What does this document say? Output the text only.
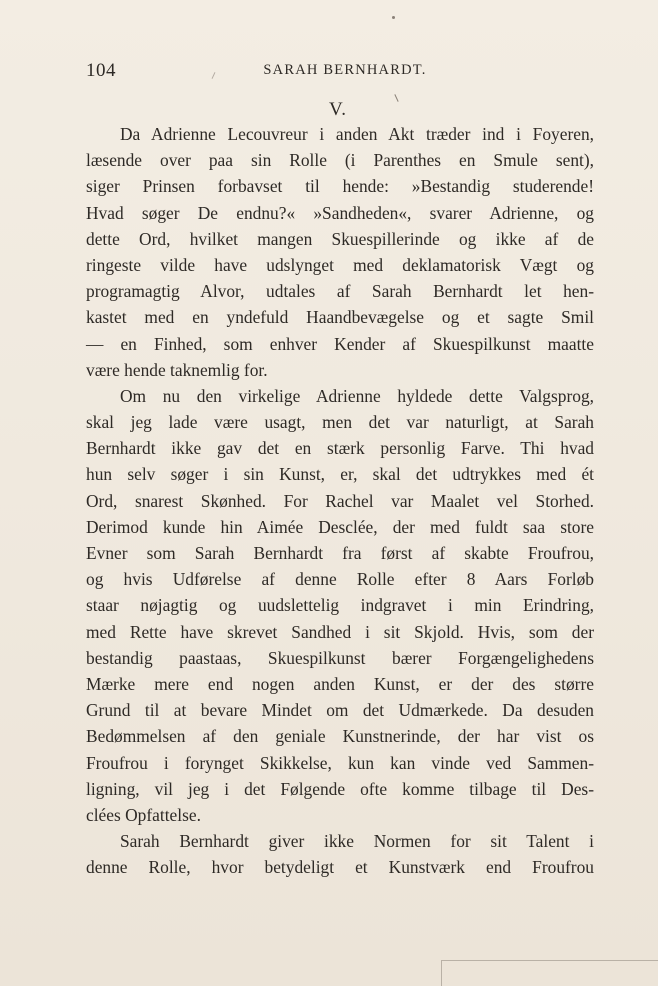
104	SARAH BERNHARDT.
V.
Da Adrienne Lecouvreur i anden Akt træder ind i Foyeren,
læsende over paa sin Rolle (i Parenthes en Smule sent),
siger Prinsen forbavset til hende: »Bestandig studerende!
Hvad søger De endnu?« »Sandheden«, svarer Adrienne, og
dette Ord, hvilket mangen Skuespillerinde og ikke af de
ringeste vilde have udslynget med deklamatorisk Vægt og
programagtig Alvor, udtales af Sarah Bernhardt let hen-
kastet med en yndefuld Haandbevægelse og et sagte Smil
— en Finhed, som enhver Kender af Skuespilkunst maatte
være hende taknemlig for.
Om nu den virkelige Adrienne hyldede dette Valgsprog,
skal jeg lade være usagt, men det var naturligt, at Sarah
Bernhardt ikke gav det en stærk personlig Farve. Thi hvad
hun selv søger i sin Kunst, er, skal det udtrykkes med ét
Ord, snarest Skønhed. For Rachel var Maalet vel Storhed.
Derimod kunde hin Aimée Desclée, der med fuldt saa store
Evner som Sarah Bernhardt fra først af skabte Froufrou,
og hvis Udførelse af denne Rolle efter 8 Aars Forløb
staar nøjagtig og uudslettelig indgravet i min Erindring,
med Rette have skrevet Sandhed i sit Skjold. Hvis, som der
bestandig paastaas, Skuespilkunst bærer Forgængelighedens
Mærke mere end nogen anden Kunst, er der des større
Grund til at bevare Mindet om det Udmærkede. Da desuden
Bedømmelsen af den geniale Kunstnerinde, der har vist os
Froufrou i forynget Skikkelse, kun kan vinde ved Sammen-
ligning, vil jeg i det Følgende ofte komme tilbage til Des-
clées Opfattelse.
Sarah Bernhardt giver ikke Normen for sit Talent i
denne Rolle, hvor betydeligt et Kunstværk end Froufrou
